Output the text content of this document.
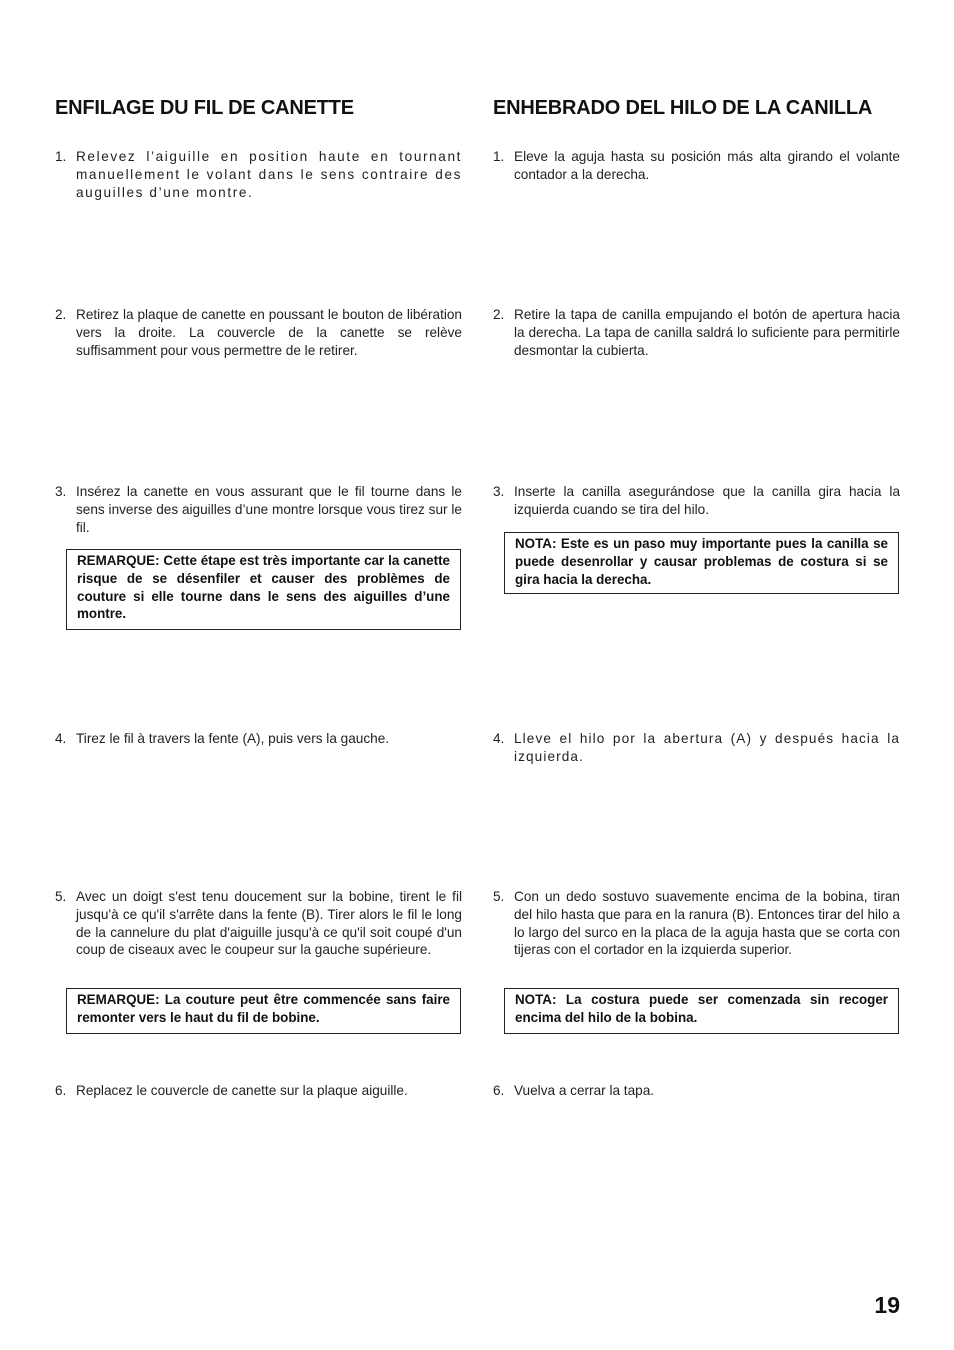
ENFILAGE DU FIL DE CANETTE
1. Relevez l’aiguille en position haute en tournant manuellement le volant dans le sens contraire des auguilles d’une montre.
2. Retirez la plaque de canette en poussant le bouton de libération vers la droite. La couvercle de la canette se relève suffisamment pour vous permettre de le retirer.
3. Insérez la canette en vous assurant que le fil tourne dans le sens inverse des aiguilles d’une montre lorsque vous tirez sur le fil.
REMARQUE: Cette étape est très importante car la canette risque de se désenfiler et causer des problèmes de couture si elle tourne dans le sens des aiguilles d’une montre.
4. Tirez le fil à travers la fente (A), puis vers la gauche.
5. Avec un doigt s'est tenu doucement sur la bobine, tirent le fil jusqu'à ce qu'il s'arrête dans la fente (B). Tirer alors le fil le long de la cannelure du plat d'aiguille jusqu'à ce qu'il soit coupé d'un coup de ciseaux avec le coupeur sur la gauche supérieure.
REMARQUE: La couture peut être commencée sans faire remonter vers le haut du fil de bobine.
6. Replacez le couvercle de canette sur la plaque aiguille.
ENHEBRADO DEL HILO DE LA CANILLA
1. Eleve la aguja hasta su posición más alta girando el volante contador a la derecha.
2. Retire la tapa de canilla empujando el botón de apertura hacia la derecha. La tapa de canilla saldrá lo suficiente para permitirle desmontar la cubierta.
3. Inserte la canilla asegurándose que la canilla gira hacia la izquierda cuando se tira del hilo.
NOTA: Este es un paso muy importante pues la canilla se puede desenrollar y causar problemas de costura si se gira hacia la derecha.
4. Lleve el hilo por la abertura (A) y después hacia la izquierda.
5. Con un dedo sostuvo suavemente encima de la bobina, tiran del hilo hasta que para en la ranura (B). Entonces tirar del hilo a lo largo del surco en la placa de la aguja hasta que se corta con tijeras con el cortador en la izquierda superior.
NOTA: La costura puede ser comenzada sin recoger encima del hilo de la bobina.
6. Vuelva a cerrar la tapa.
19
